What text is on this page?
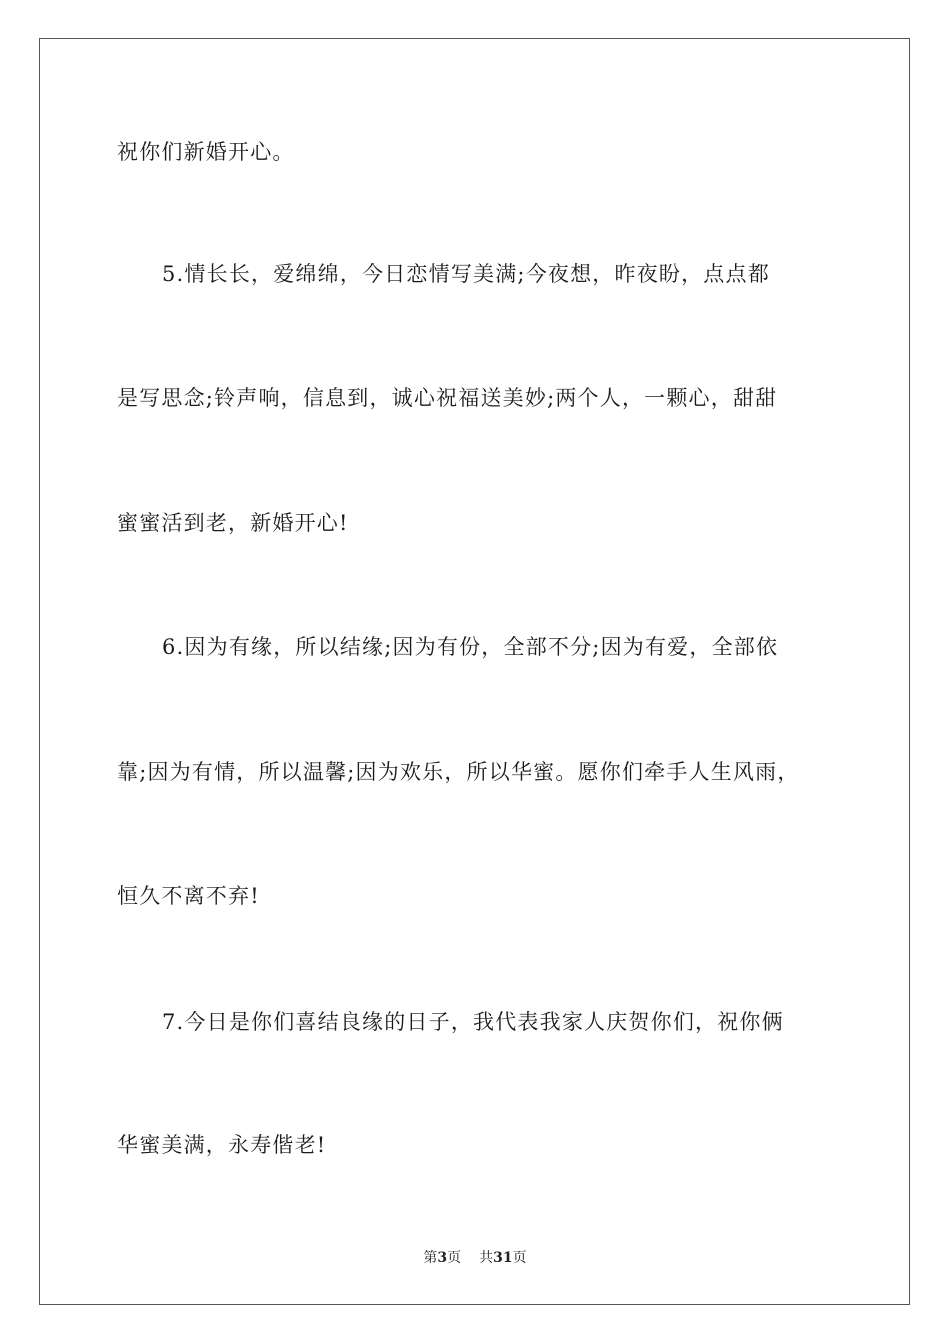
祝你们新婚开心。
5.情长长，爱绵绵，今日恋情写美满;今夜想，昨夜盼，点点都
是写思念;铃声响，信息到，诚心祝福送美妙;两个人，一颗心，甜甜
蜜蜜活到老，新婚开心!
6.因为有缘，所以结缘;因为有份，全部不分;因为有爱，全部依
靠;因为有情，所以温馨;因为欢乐，所以华蜜。愿你们牵手人生风雨，
恒久不离不弃!
7.今日是你们喜结良缘的日子，我代表我家人庆贺你们，祝你俩
华蜜美满，永寿偕老!
第3页 共31页
